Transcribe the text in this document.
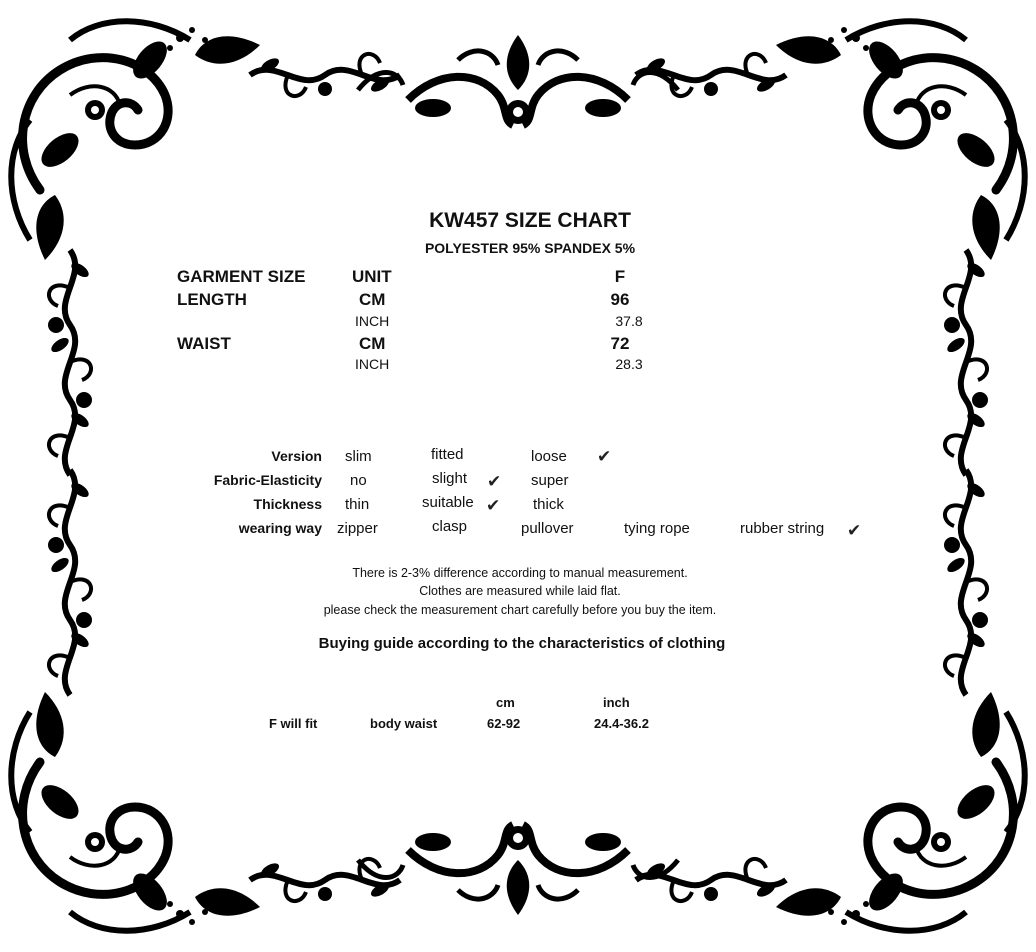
KW457 SIZE CHART
POLYESTER 95% SPANDEX 5%
GARMENT SIZE	UNIT	F
LENGTH	CM	96
INCH	37.8
WAIST	CM	72
INCH	28.3
Version slim	fitted	loose ✔
Fabric-Elasticity no	slight ✔ super
Thickness thin	suitable ✔ thick
wearing way zipper	clasp	pullover	tying rope	rubber string ✔
There is 2-3% difference according to manual measurement.
Clothes are measured while laid flat.
please check the measurement chart carefully before you buy the item.
Buying guide according to the characteristics of clothing
cm	inch
F will fit	body waist	62-92	24.4-36.2
